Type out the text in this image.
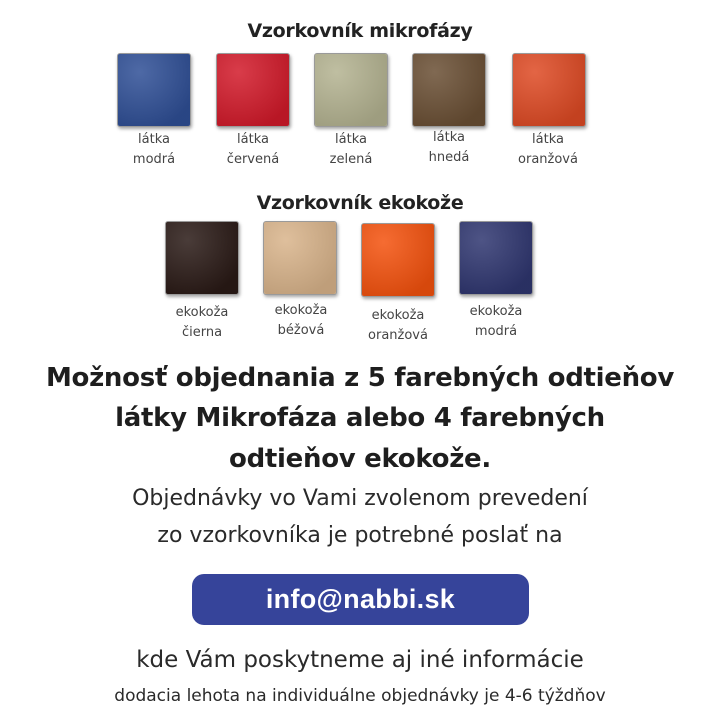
Vzorkovník mikrofázy
látka
modrá
látka
červená
látka
zelená
látka
hnedá
látka
oranžová
Vzorkovník ekokože
ekokoža
čierna
ekokoža
béžová
ekokoža
oranžová
ekokoža
modrá
Možnosť objednania z 5 farebných odtieňov
látky Mikrofáza alebo 4 farebných
odtieňov ekokože.
Objednávky vo Vami zvolenom prevedení
zo vzorkovníka je potrebné poslať na
info@nabbi.sk
kde Vám poskytneme aj iné informácie
dodacia lehota na individuálne objednávky je 4-6 týždňov
